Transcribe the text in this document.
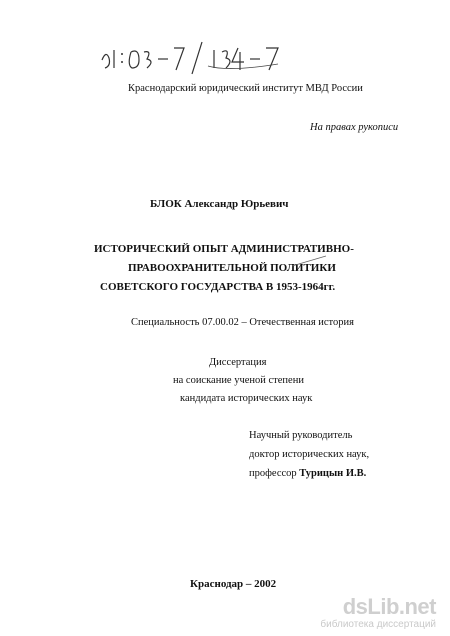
Краснодарский юридический институт МВД России
На правах рукописи
БЛОК Александр Юрьевич
ИСТОРИЧЕСКИЙ ОПЫТ АДМИНИСТРАТИВНО-
ПРАВООХРАНИТЕЛЬНОЙ ПОЛИТИКИ
СОВЕТСКОГО ГОСУДАРСТВА В 1953-1964гг.
Специальность 07.00.02 – Отечественная история
Диссертация
на соискание ученой степени
кандидата исторических наук
Научный руководитель
доктор исторических наук,
профессор Турицын И.В.
Краснодар – 2002
dsLib.net
библиотека диссертаций
